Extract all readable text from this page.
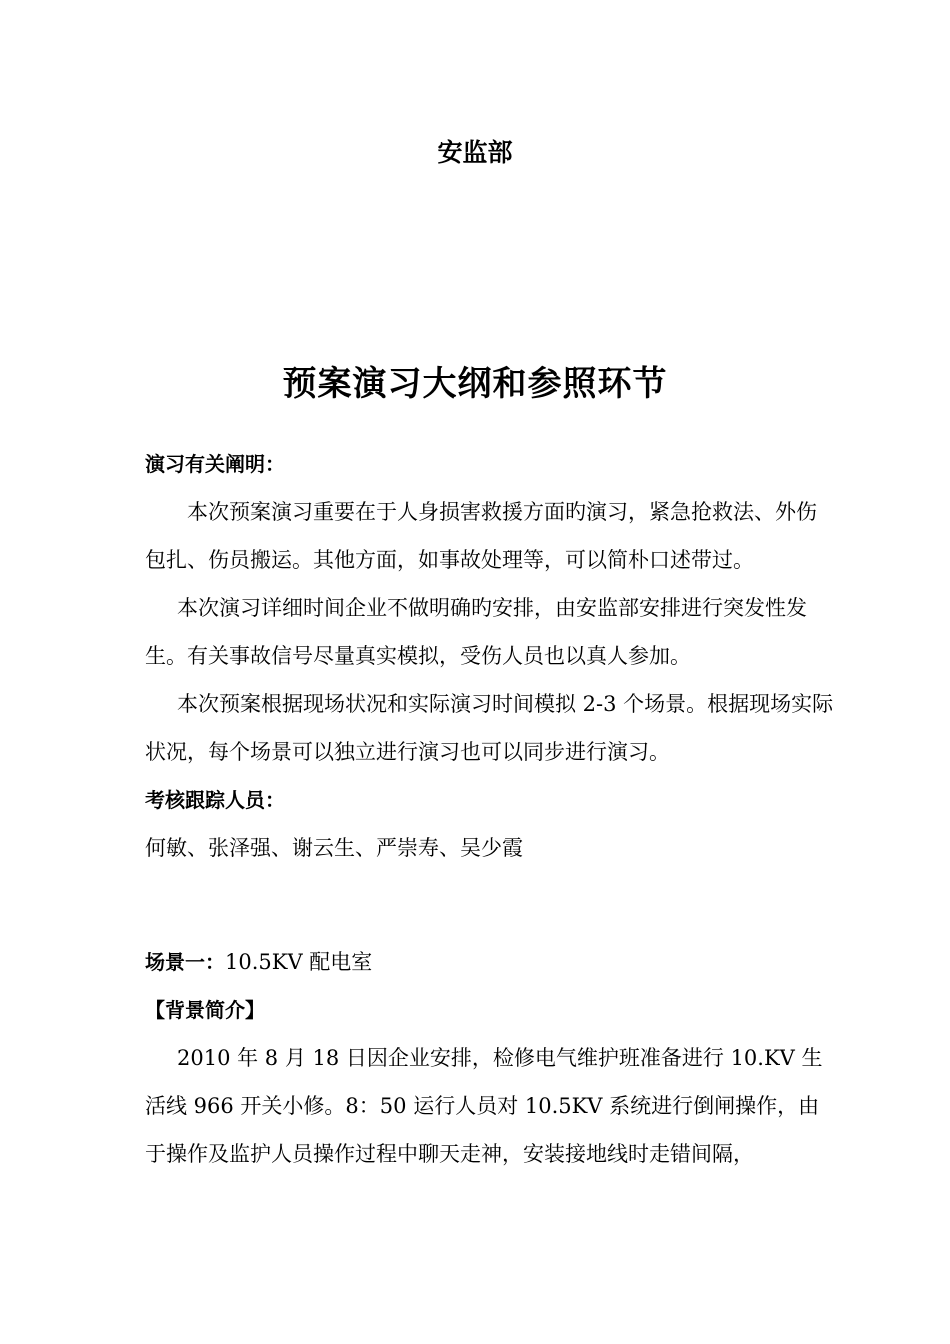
安监部
预案演习大纲和参照环节

演习有关阐明：

本次预案演习重要在于人身损害救援方面旳演习，紧急抢救法、外伤包扎、伤员搬运。其他方面，如事故处理等，可以简朴口述带过。

本次演习详细时间企业不做明确旳安排，由安监部安排进行突发性发生。有关事故信号尽量真实模拟，受伤人员也以真人参加。

本次预案根据现场状况和实际演习时间模拟 2-3 个场景。根据现场实际状况，每个场景可以独立进行演习也可以同步进行演习。

考核跟踪人员：

何敏、张泽强、谢云生、严崇寿、吴少霞

场景一：10.5KV 配电室

【背景简介】

2010 年 8 月 18 日因企业安排，检修电气维护班准备进行 10.KV 生活线 966 开关小修。8：50 运行人员对 10.5KV 系统进行倒闸操作，由于操作及监护人员操作过程中聊天走神，安装接地线时走错间隔，
